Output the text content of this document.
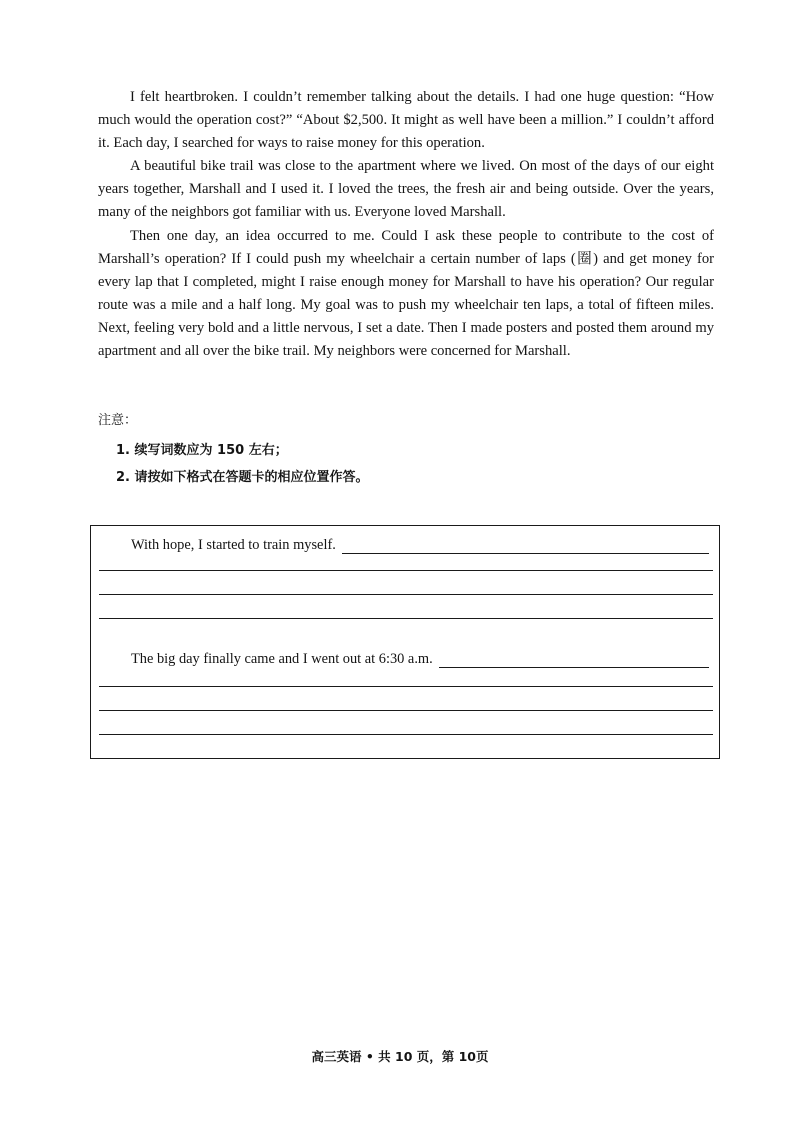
I felt heartbroken. I couldn’t remember talking about the details. I had one huge question: “How much would the operation cost?” “About $2,500. It might as well have been a million.” I couldn’t afford it. Each day, I searched for ways to raise money for this operation.

A beautiful bike trail was close to the apartment where we lived. On most of the days of our eight years together, Marshall and I used it. I loved the trees, the fresh air and being outside. Over the years, many of the neighbors got familiar with us. Everyone loved Marshall.

Then one day, an idea occurred to me. Could I ask these people to contribute to the cost of Marshall’s operation? If I could push my wheelchair a certain number of laps (圈) and get money for every lap that I completed, might I raise enough money for Marshall to have his operation? Our regular route was a mile and a half long. My goal was to push my wheelchair ten laps, a total of fifteen miles. Next, feeling very bold and a little nervous, I set a date. Then I made posters and posted them around my apartment and all over the bike trail. My neighbors were concerned for Marshall.

注意：

1. 续写词数应为 150 左右；

2. 请按如下格式在答题卡的相应位置作答。

With hope, I started to train myself.
The big day finally came and I went out at 6:30 a.m.
高三英语 • 共 10 页，第 10页
